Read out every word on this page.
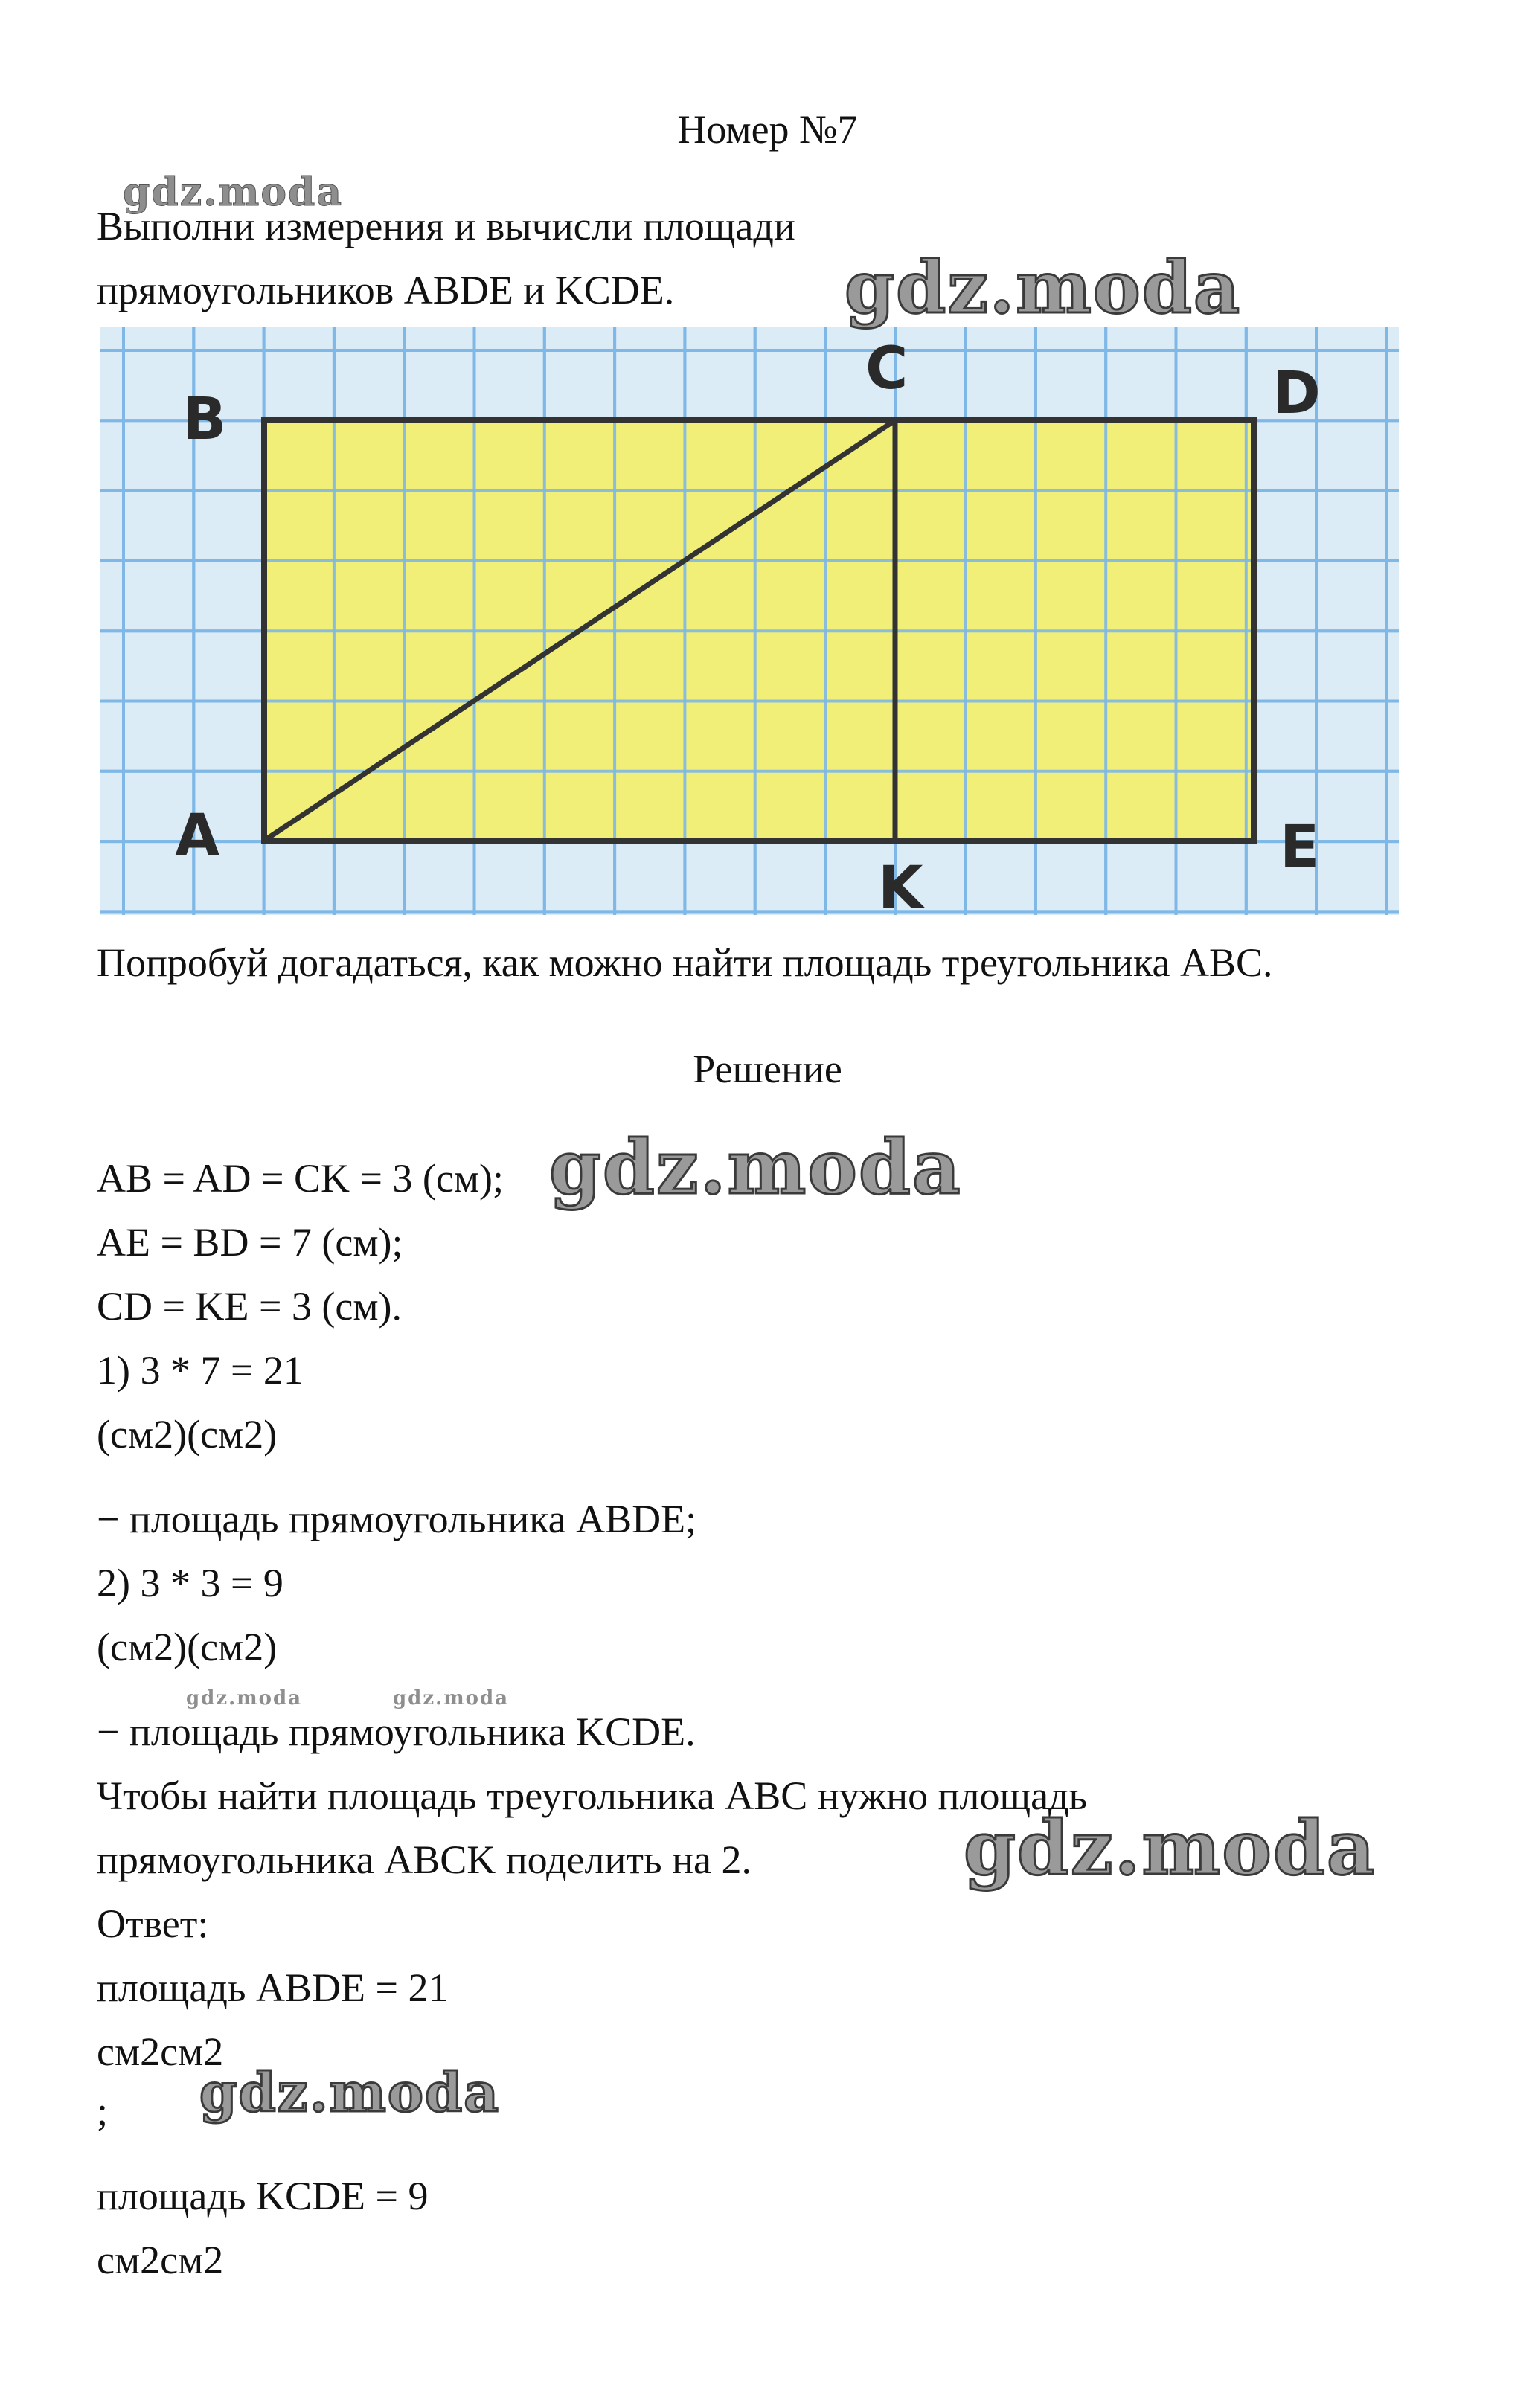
Номер №7

Выполни измерения и вычисли площади

прямоугольников ABDE и KCDE.

B
C	D
A	E
K

Попробуй догадаться, как можно найти площадь треугольника ABC.

Решение

AB = AD = CK = 3 (см);

AE = BD = 7 (см);

CD = KE = 3 (см).

1) 3 * 7 = 21

(см2)(см2)

− площадь прямоугольника ABDE;

2) 3 * 3 = 9

(см2)(см2)

− площадь прямоугольника KCDE.

Чтобы найти площадь треугольника ABC нужно площадь

прямоугольника ABCK поделить на 2.

Ответ:

площадь ABDE = 21

см2см2

;

площадь KCDE = 9

см2см2

gdz.moda

gdz.moda

gdz.moda

gdz.moda	gdz.moda

gdz.moda

gdz.moda
